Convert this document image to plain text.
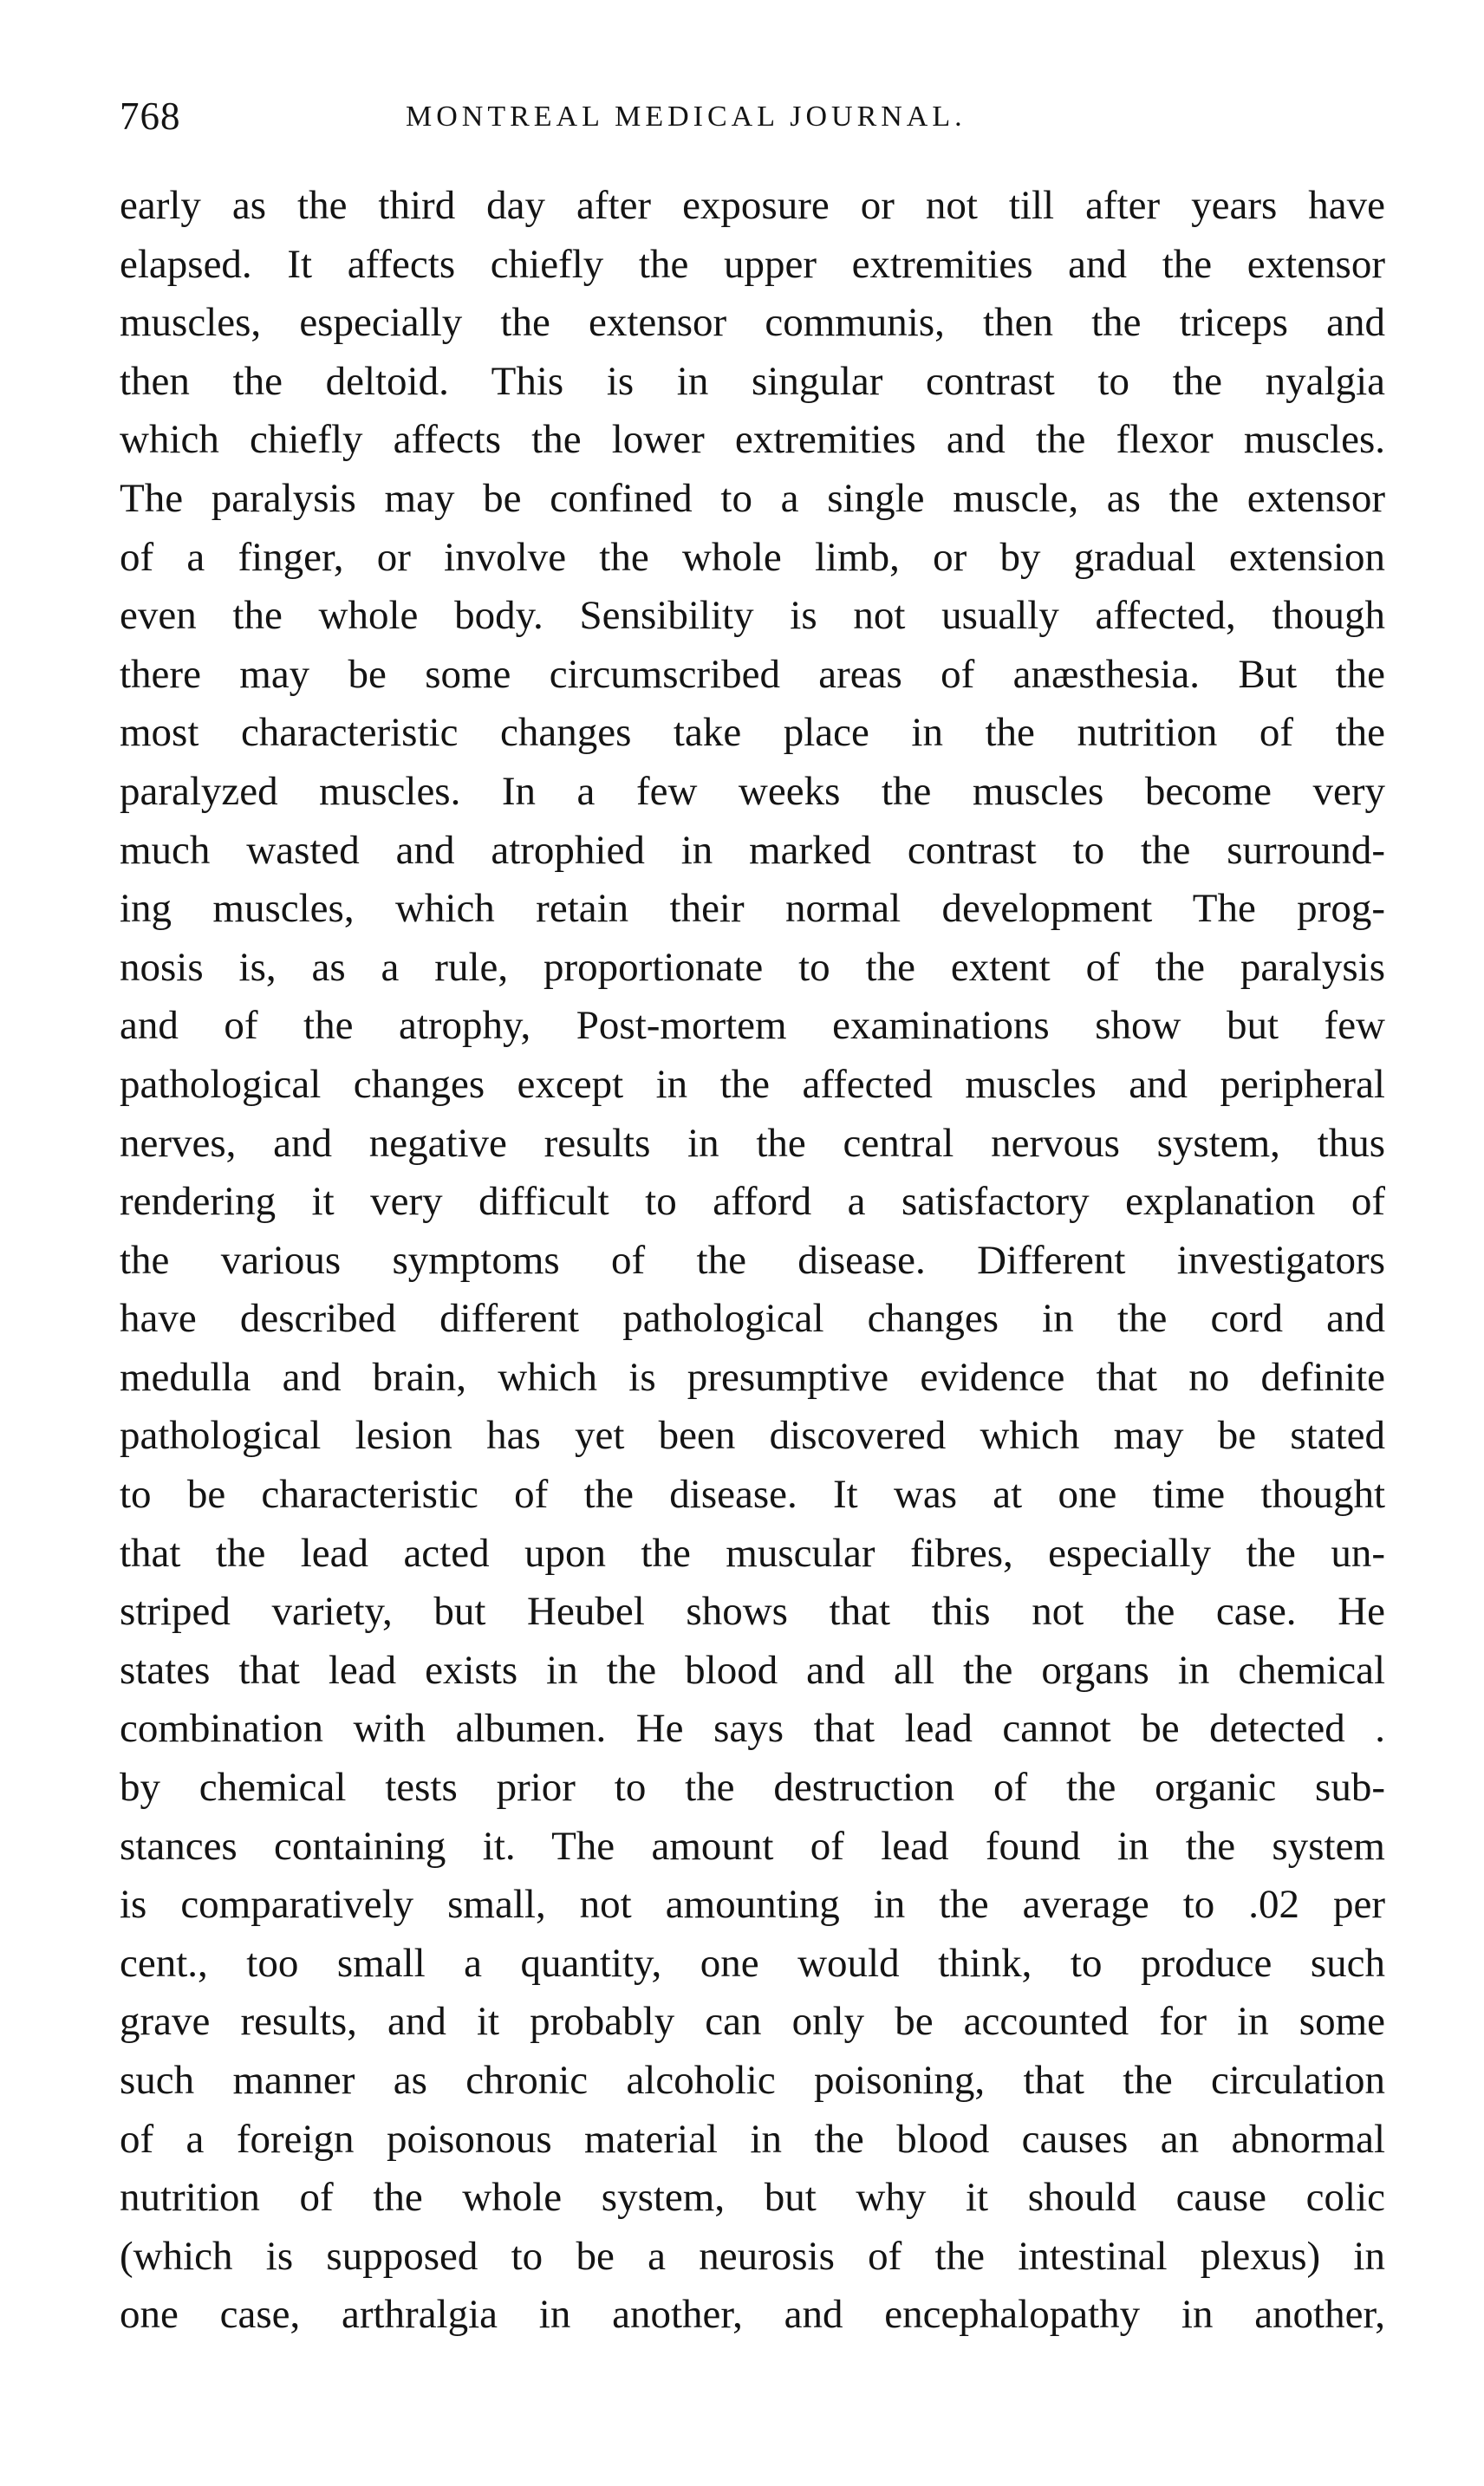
768	MONTREAL MEDICAL JOURNAL.
early as the third day after exposure or not till after years have
elapsed. It affects chiefly the upper extremities and the extensor
muscles, especially the extensor communis, then the triceps and
then the deltoid. This is in singular contrast to the nyalgia
which chiefly affects the lower extremities and the flexor muscles.
The paralysis may be confined to a single muscle, as the extensor
of a finger, or involve the whole limb, or by gradual extension
even the whole body. Sensibility is not usually affected, though
there may be some circumscribed areas of anæsthesia. But the
most characteristic changes take place in the nutrition of the
paralyzed muscles. In a few weeks the muscles become very
much wasted and atrophied in marked contrast to the surround-
ing muscles, which retain their normal development The prog-
nosis is, as a rule, proportionate to the extent of the paralysis
and of the atrophy, Post-mortem examinations show but few
pathological changes except in the affected muscles and peripheral
nerves, and negative results in the central nervous system, thus
rendering it very difficult to afford a satisfactory explanation of
the various symptoms of the disease. Different investigators
have described different pathological changes in the cord and
medulla and brain, which is presumptive evidence that no definite
pathological lesion has yet been discovered which may be stated
to be characteristic of the disease. It was at one time thought
that the lead acted upon the muscular fibres, especially the un-
striped variety, but Heubel shows that this not the case. He
states that lead exists in the blood and all the organs in chemical
combination with albumen. He says that lead cannot be detected .
by chemical tests prior to the destruction of the organic sub-
stances containing it. The amount of lead found in the system
is comparatively small, not amounting in the average to .02 per
cent., too small a quantity, one would think, to produce such
grave results, and it probably can only be accounted for in some
such manner as chronic alcoholic poisoning, that the circulation
of a foreign poisonous material in the blood causes an abnormal
nutrition of the whole system, but why it should cause colic
(which is supposed to be a neurosis of the intestinal plexus) in
one case, arthralgia in another, and encephalopathy in another,
